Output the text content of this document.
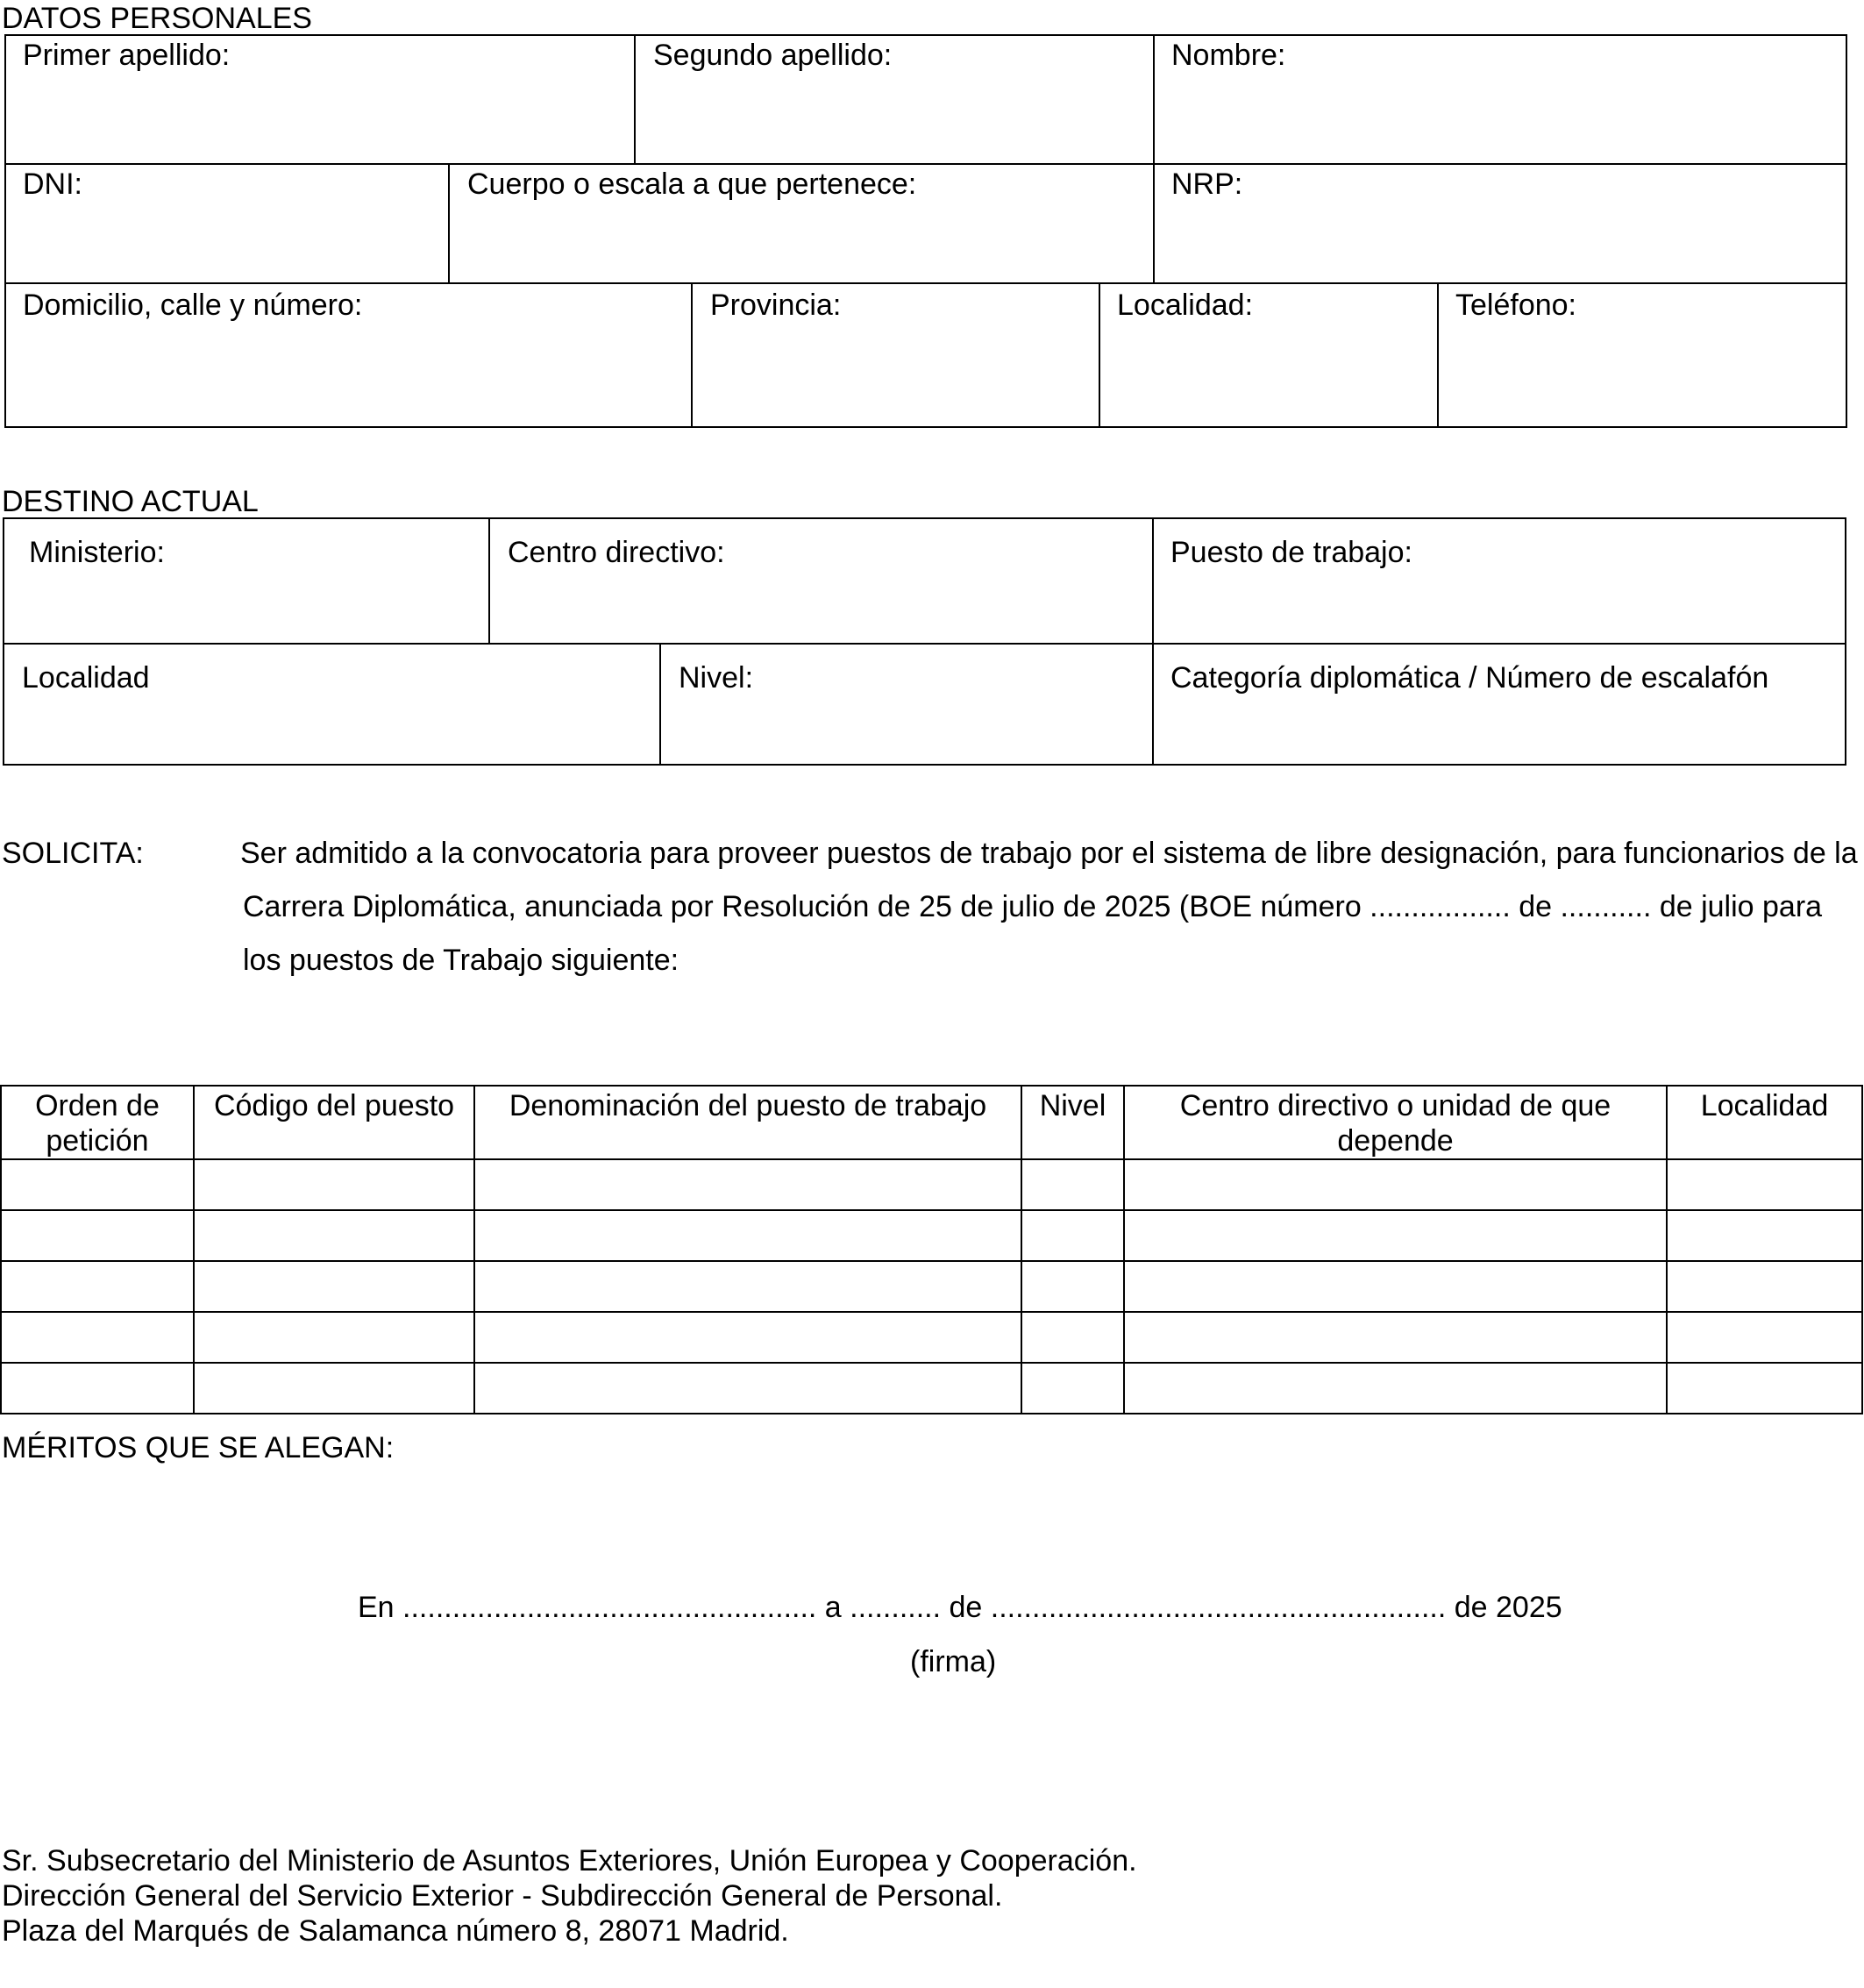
DATOS PERSONALES
Primer apellido:	Segundo apellido:	Nombre:
DNI:	Cuerpo o escala a que pertenece:	NRP:
Domicilio, calle y número:	Provincia:	Localidad:	Teléfono:
DESTINO ACTUAL
Ministerio:	Centro directivo:	Puesto de trabajo:
Localidad	Nivel:	Categoría diplomática / Número de escalafón
SOLICITA:	Ser admitido a la convocatoria para proveer puestos de trabajo por el sistema de libre designación, para funcionarios de la
Carrera Diplomática, anunciada por Resolución de 25 de julio de 2025 (BOE número ................. de ........... de julio para
los puestos de Trabajo siguiente:
Orden de petición	Código del puesto	Denominación del puesto de trabajo	Nivel	Centro directivo o unidad de que depende	Localidad

MÉRITOS QUE SE ALEGAN:
En .................................................. a ........... de ....................................................... de 2025
(firma)
Sr. Subsecretario del Ministerio de Asuntos Exteriores, Unión Europea y Cooperación.
Dirección General del Servicio Exterior - Subdirección General de Personal.
Plaza del Marqués de Salamanca número 8, 28071 Madrid.
